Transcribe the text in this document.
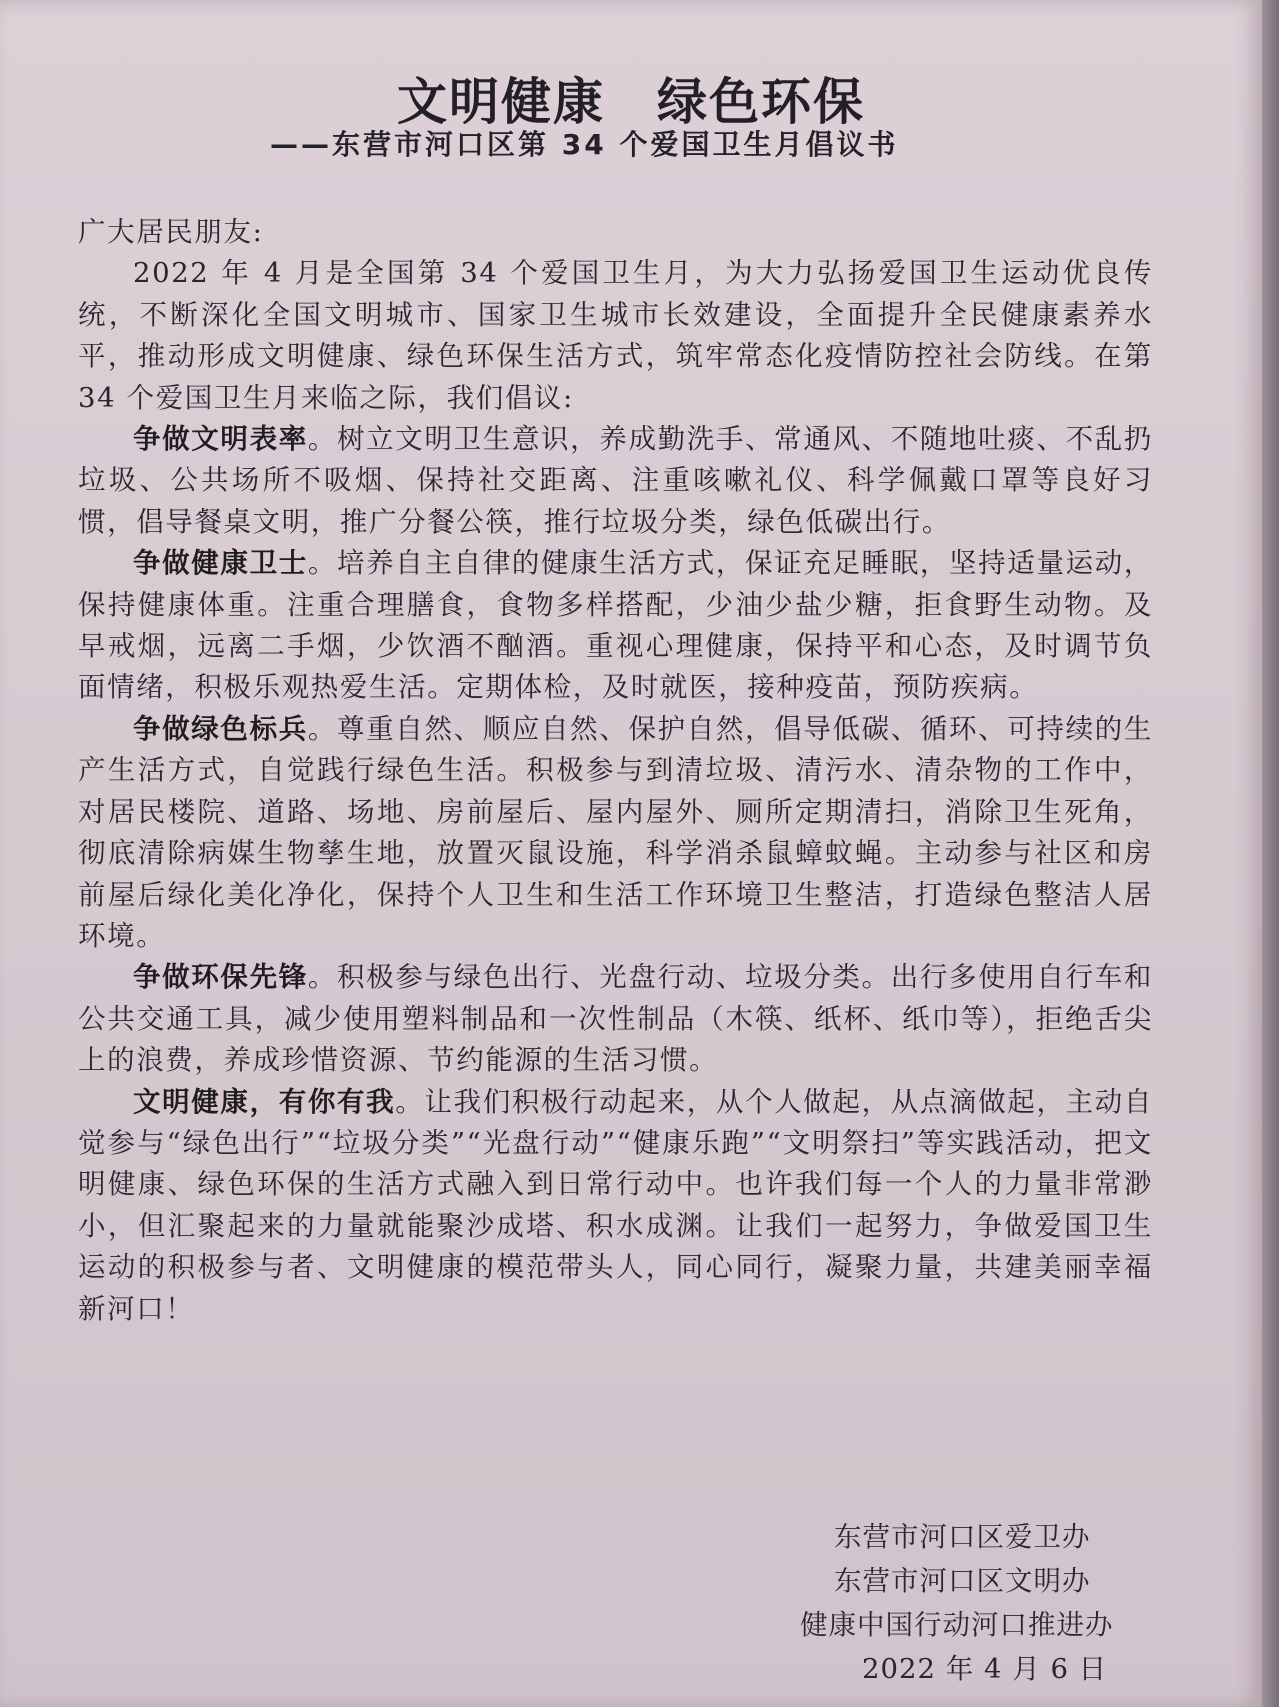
文明健康　绿色环保
——东营市河口区第 34 个爱国卫生月倡议书

广大居民朋友:

2022 年 4 月是全国第 34 个爱国卫生月，为大力弘扬爱国卫生运动优良传统，不断深化全国文明城市、国家卫生城市长效建设，全面提升全民健康素养水平，推动形成文明健康、绿色环保生活方式，筑牢常态化疫情防控社会防线。在第 34 个爱国卫生月来临之际，我们倡议:

争做文明表率。树立文明卫生意识，养成勤洗手、常通风、不随地吐痰、不乱扔垃圾、公共场所不吸烟、保持社交距离、注重咳嗽礼仪、科学佩戴口罩等良好习惯，倡导餐桌文明，推广分餐公筷，推行垃圾分类，绿色低碳出行。

争做健康卫士。培养自主自律的健康生活方式，保证充足睡眠，坚持适量运动，保持健康体重。注重合理膳食，食物多样搭配，少油少盐少糖，拒食野生动物。及早戒烟，远离二手烟，少饮酒不酗酒。重视心理健康，保持平和心态，及时调节负面情绪，积极乐观热爱生活。定期体检，及时就医，接种疫苗，预防疾病。

争做绿色标兵。尊重自然、顺应自然、保护自然，倡导低碳、循环、可持续的生产生活方式，自觉践行绿色生活。积极参与到清垃圾、清污水、清杂物的工作中，对居民楼院、道路、场地、房前屋后、屋内屋外、厕所定期清扫，消除卫生死角，彻底清除病媒生物孳生地，放置灭鼠设施，科学消杀鼠蟑蚊蝇。主动参与社区和房前屋后绿化美化净化，保持个人卫生和生活工作环境卫生整洁，打造绿色整洁人居环境。

争做环保先锋。积极参与绿色出行、光盘行动、垃圾分类。出行多使用自行车和公共交通工具，减少使用塑料制品和一次性制品（木筷、纸杯、纸巾等），拒绝舌尖上的浪费，养成珍惜资源、节约能源的生活习惯。

文明健康，有你有我。让我们积极行动起来，从个人做起，从点滴做起，主动自觉参与“绿色出行”“垃圾分类”“光盘行动”“健康乐跑”“文明祭扫”等实践活动，把文明健康、绿色环保的生活方式融入到日常行动中。也许我们每一个人的力量非常渺小，但汇聚起来的力量就能聚沙成塔、积水成渊。让我们一起努力，争做爱国卫生运动的积极参与者、文明健康的模范带头人，同心同行，凝聚力量，共建美丽幸福新河口！

东营市河口区爱卫办
东营市河口区文明办
健康中国行动河口推进办
2022 年 4 月 6 日
